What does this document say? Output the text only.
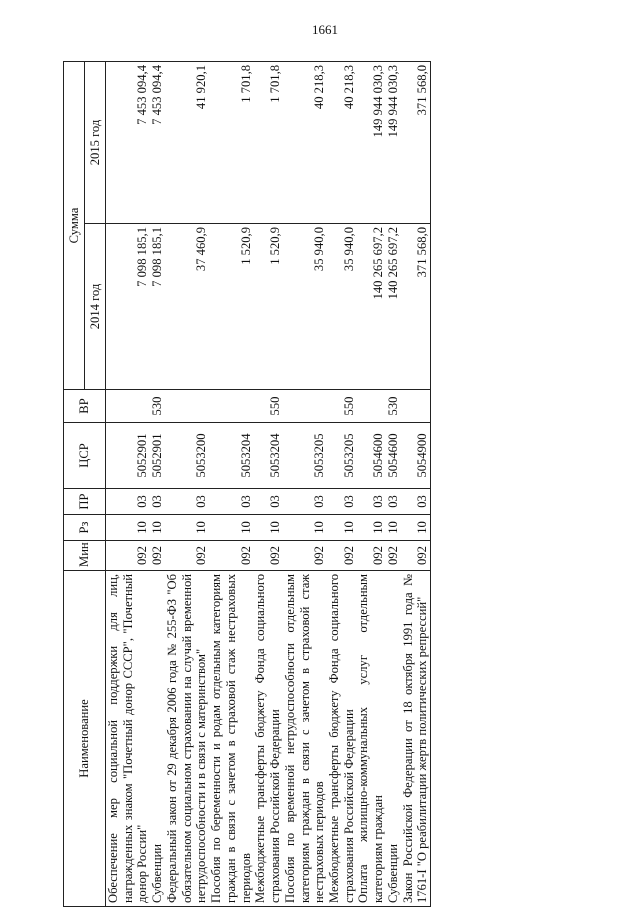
1661
Наименование	Мин	Рз	ПР	ЦСР	ВР	Сумма	
						2014 год	2015 год
Обеспечение мер социальной поддержки для лиц, награжденных знаком "Почетный донор СССР", "Почетный донор России"	092	10	03	5052901		7 098 185,1	7 453 094,4
Субвенции	092	10	03	5052901	530	7 098 185,1	7 453 094,4
Федеральный закон от 29 декабря 2006 года № 255-ФЗ "Об обязательном социальном страховании на случай временной нетрудоспособности и в связи с материнством"	092	10	03	5053200		37 460,9	41 920,1
Пособия по беременности и родам отдельным категориям граждан в связи с зачетом в страховой стаж нестраховых периодов	092	10	03	5053204		1 520,9	1 701,8
Межбюджетные трансферты бюджету Фонда социального страхования Российской Федерации	092	10	03	5053204	550	1 520,9	1 701,8
Пособия по временной нетрудоспособности отдельным категориям граждан в связи с зачетом в страховой стаж нестраховых периодов	092	10	03	5053205		35 940,0	40 218,3
Межбюджетные трансферты бюджету Фонда социального страхования Российской Федерации	092	10	03	5053205	550	35 940,0	40 218,3
Оплата жилищно-коммунальных услуг отдельным категориям граждан	092	10	03	5054600		140 265 697,2	149 944 030,3
Субвенции	092	10	03	5054600	530	140 265 697,2	149 944 030,3
Закон Российской Федерации от 18 октября 1991 года № 1761-I "О реабилитации жертв политических репрессий"	092	10	03	5054900		371 568,0	371 568,0
